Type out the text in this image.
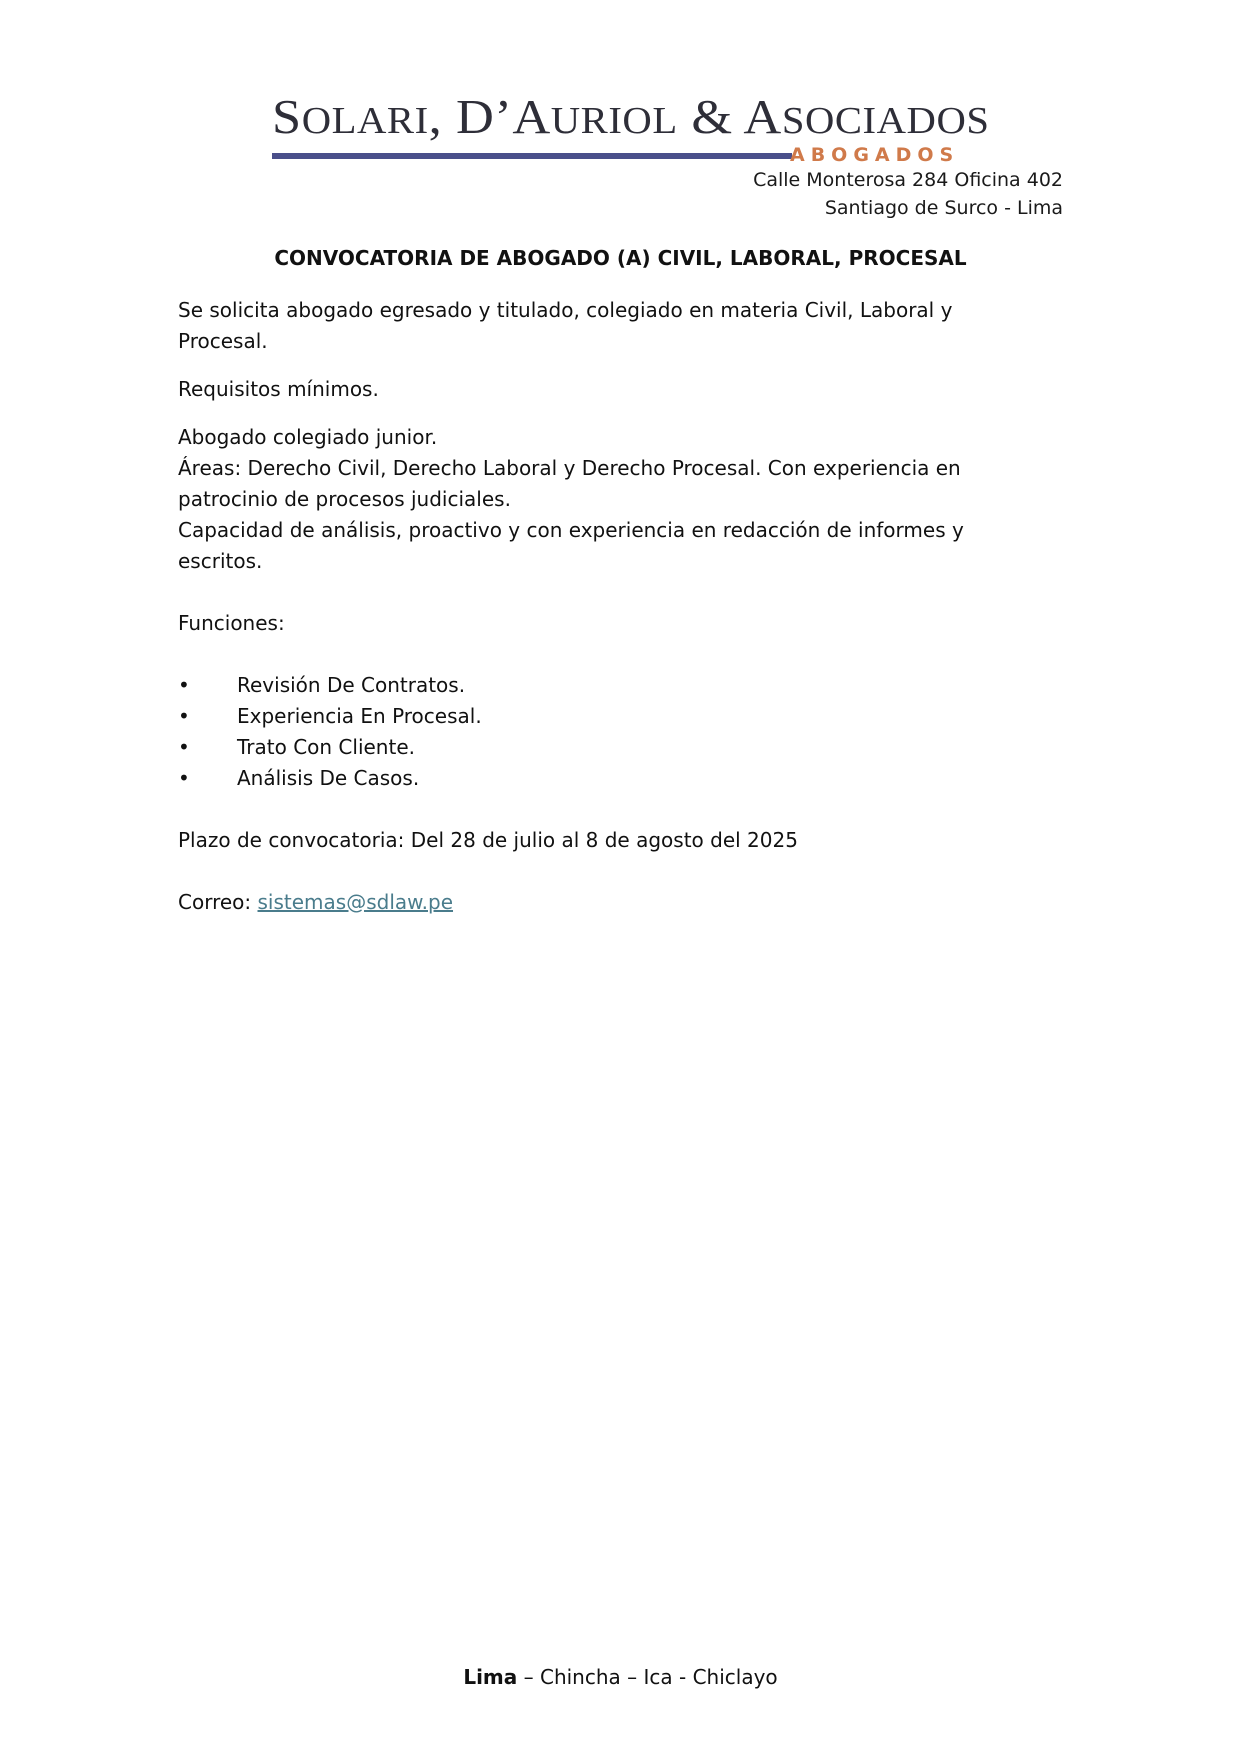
SOLARI, D’AURIOL & ASOCIADOS
ABOGADOS
Calle Monterosa 284 Oficina 402
Santiago de Surco - Lima
CONVOCATORIA DE ABOGADO (A) CIVIL, LABORAL, PROCESAL

Se solicita abogado egresado y titulado, colegiado en materia Civil, Laboral y
Procesal.

Requisitos mínimos.

Abogado colegiado junior.
Áreas: Derecho Civil, Derecho Laboral y Derecho Procesal. Con experiencia en
patrocinio de procesos judiciales.
Capacidad de análisis, proactivo y con experiencia en redacción de informes y
escritos.

Funciones:

• Revisión De Contratos.
• Experiencia En Procesal.
• Trato Con Cliente.
• Análisis De Casos.

Plazo de convocatoria: Del 28 de julio al 8 de agosto del 2025

Correo: sistemas@sdlaw.pe

Lima – Chincha – Ica - Chiclayo
